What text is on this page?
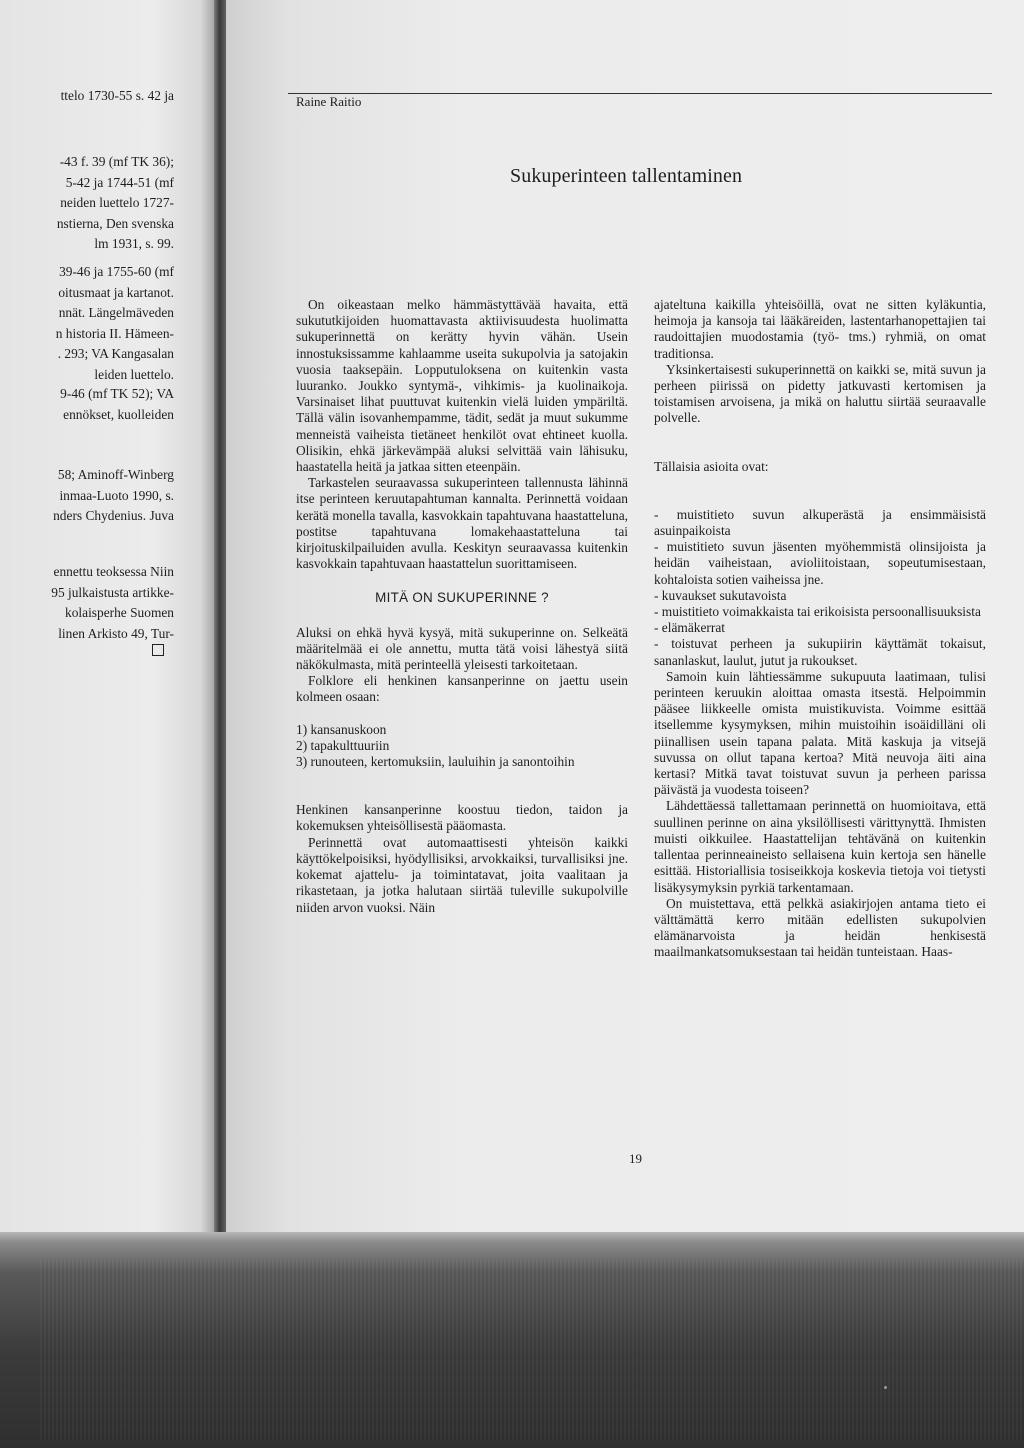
ttelo 1730-55 s. 42 ja
-43 f. 39 (mf TK 36);
5-42 ja 1744-51 (mf
neiden luettelo 1727-
nstierna, Den svenska
lm 1931, s. 99.
39-46 ja 1755-60 (mf
oitusmaat ja kartanot.
nnät. Längelmäveden
n historia II. Hämeen-
. 293; VA Kangasalan
leiden luettelo.
9-46 (mf TK 52); VA
ennökset, kuolleiden
58; Aminoff-Winberg
inmaa-Luoto 1990, s.
nders Chydenius. Juva
ennettu teoksessa Niin
95 julkaistusta artikke-
kolaisperhe Suomen
linen Arkisto 49, Tur-
Raine Raitio
Sukuperinteen tallentaminen

On oikeastaan melko hämmästyttävää havaita, että sukututkijoiden huomattavasta aktiivisuudesta huolimatta sukuperinnettä on kerätty hyvin vähän. Usein innostuksissamme kahlaamme useita sukupolvia ja satojakin vuosia taaksepäin. Lopputuloksena on kuitenkin vasta luuranko. Joukko syntymä-, vihkimis- ja kuolinaikoja. Varsinaiset lihat puuttuvat kuitenkin vielä luiden ympäriltä. Tällä välin isovanhempamme, tädit, sedät ja muut sukumme menneistä vaiheista tietäneet henkilöt ovat ehtineet kuolla. Olisikin, ehkä järkevämpää aluksi selvittää vain lähisuku, haastatella heitä ja jatkaa sitten eteenpäin.

Tarkastelen seuraavassa sukuperinteen tallennusta lähinnä itse perinteen keruutapahtuman kannalta. Perinnettä voidaan kerätä monella tavalla, kasvokkain tapahtuvana haastatteluna, postitse tapahtuvana lomakehaastatteluna tai kirjoituskilpailuiden avulla. Keskityn seuraavassa kuitenkin kasvokkain tapahtuvaan haastattelun suorittamiseen.

MITÄ ON SUKUPERINNE ?

Aluksi on ehkä hyvä kysyä, mitä sukuperinne on. Selkeätä määritelmää ei ole annettu, mutta tätä voisi lähestyä siitä näkökulmasta, mitä perinteellä yleisesti tarkoitetaan.

Folklore eli henkinen kansanperinne on jaettu usein kolmeen osaan:

1) kansanuskoon

2) tapakulttuuriin

3) runouteen, kertomuksiin, lauluihin ja sanontoihin

Henkinen kansanperinne koostuu tiedon, taidon ja kokemuksen yhteisöllisestä pääomasta.

Perinnettä ovat automaattisesti yhteisön kaikki käyttökelpoisiksi, hyödyllisiksi, arvokkaiksi, turvallisiksi jne. kokemat ajattelu- ja toimintatavat, joita vaalitaan ja rikastetaan, ja jotka halutaan siirtää tuleville sukupolville niiden arvon vuoksi. Näin

ajateltuna kaikilla yhteisöillä, ovat ne sitten kyläkuntia, heimoja ja kansoja tai lääkäreiden, lastentarhanopettajien tai raudoittajien muodostamia (työ- tms.) ryhmiä, on omat traditionsa.

Yksinkertaisesti sukuperinnettä on kaikki se, mitä suvun ja perheen piirissä on pidetty jatkuvasti kertomisen ja toistamisen arvoisena, ja mikä on haluttu siirtää seuraavalle polvelle.

Tällaisia asioita ovat:

- muistitieto suvun alkuperästä ja ensimmäisistä asuinpaikoista

- muistitieto suvun jäsenten myöhemmistä olinsijoista ja heidän vaiheistaan, avioliitoistaan, sopeutumisestaan, kohtaloista sotien vaiheissa jne.

- kuvaukset sukutavoista

- muistitieto voimakkaista tai erikoisista persoonallisuuksista

- elämäkerrat

- toistuvat perheen ja sukupiirin käyttämät tokaisut, sananlaskut, laulut, jutut ja rukoukset.

Samoin kuin lähtiessämme sukupuuta laatimaan, tulisi perinteen keruukin aloittaa omasta itsestä. Helpoimmin pääsee liikkeelle omista muistikuvista. Voimme esittää itsellemme kysymyksen, mihin muistoihin isoäidilläni oli piinallisen usein tapana palata. Mitä kaskuja ja vitsejä suvussa on ollut tapana kertoa? Mitä neuvoja äiti aina kertasi? Mitkä tavat toistuvat suvun ja perheen parissa päivästä ja vuodesta toiseen?

Lähdettäessä tallettamaan perinnettä on huomioitava, että suullinen perinne on aina yksilöllisesti värittynyttä. Ihmisten muisti oikkuilee. Haastattelijan tehtävänä on kuitenkin tallentaa perinneaineisto sellaisena kuin kertoja sen hänelle esittää. Historiallisia tosiseikkoja koskevia tietoja voi tietysti lisäkysymyksin pyrkiä tarkentamaan.

On muistettava, että pelkkä asiakirjojen antama tieto ei välttämättä kerro mitään edellisten sukupolvien elämänarvoista ja heidän henkisestä maailmankatsomuksestaan tai heidän tunteistaan. Haas-

19
